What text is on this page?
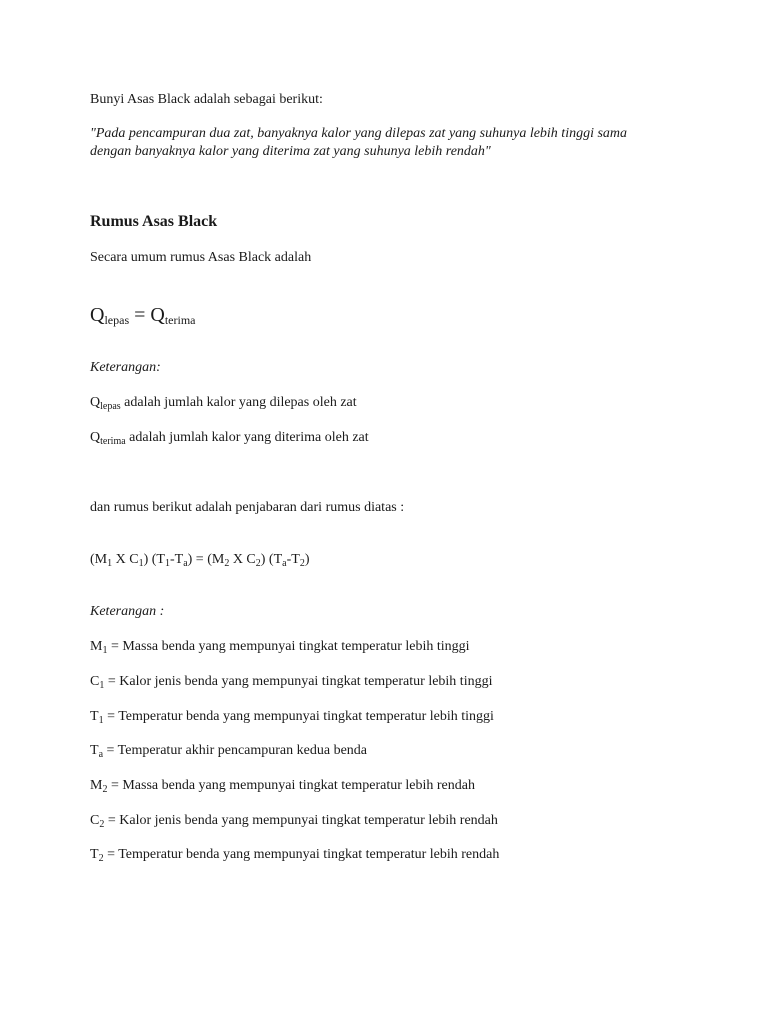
Bunyi Asas Black adalah sebagai berikut:
"Pada pencampuran dua zat, banyaknya kalor yang dilepas zat yang suhunya lebih tinggi sama
dengan banyaknya kalor yang diterima zat yang suhunya lebih rendah"
Rumus Asas Black
Secara umum rumus Asas Black adalah
$Q_{lepas} = Q_{terima}$
Keterangan:
$Q_{lepas}$ adalah jumlah kalor yang dilepas oleh zat
$Q_{terima}$ adalah jumlah kalor yang diterima oleh zat
dan rumus berikut adalah penjabaran dari rumus diatas :
($M_1$ X $C_1$) $(T_1-T_a) = (M_2$ X $C_2$) $(T_a-T_2)$
Keterangan :
$M_1$ = Massa benda yang mempunyai tingkat temperatur lebih tinggi
$C_1$ = Kalor jenis benda yang mempunyai tingkat temperatur lebih tinggi
$T_1$ = Temperatur benda yang mempunyai tingkat temperatur lebih tinggi
$T_a$ = Temperatur akhir pencampuran kedua benda
$M_2$ = Massa benda yang mempunyai tingkat temperatur lebih rendah
$C_2$ = Kalor jenis benda yang mempunyai tingkat temperatur lebih rendah
$T_2$ = Temperatur benda yang mempunyai tingkat temperatur lebih rendah
